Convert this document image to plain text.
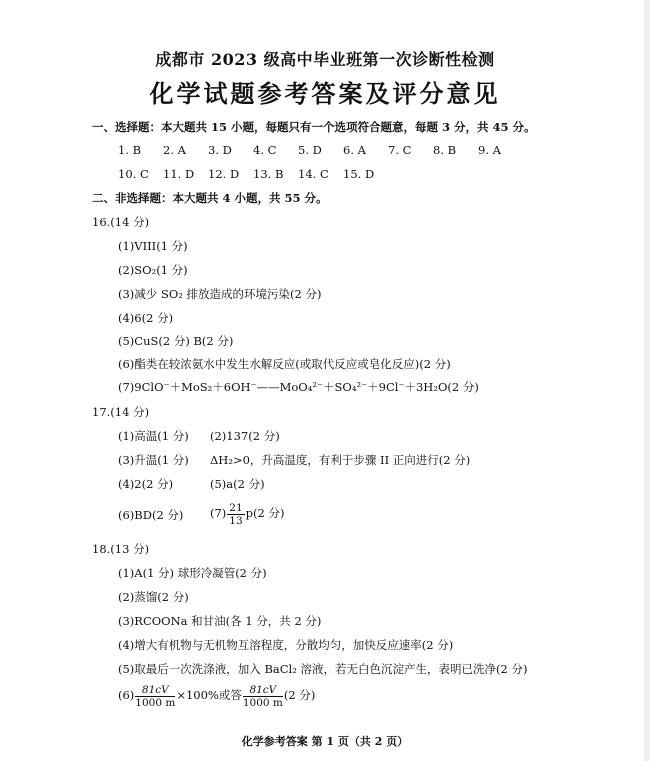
成都市 2023 级高中毕业班第一次诊断性检测
化学试题参考答案及评分意见
一、选择题：本大题共 15 小题，每题只有一个选项符合题意，每题 3 分，共 45 分。
1. B 2. A 3. D 4. C 5. D 6. A 7. C 8. B 9. A
10. C 11. D 12. D 13. B 14. C 15. D
二、非选择题：本大题共 4 小题，共 55 分。
16.(14 分)
(1)VIII(1 分)
(2)SO₂(1 分)
(3)减少 SO₂ 排放造成的环境污染(2 分)
(4)6(2 分)
(5)CuS(2 分) B(2 分)
(6)酯类在较浓氨水中发生水解反应(或取代反应或皂化反应)(2 分)
(7)9ClO⁻＋MoS₂＋6OH⁻——MoO₄²⁻＋SO₄²⁻＋9Cl⁻＋3H₂O(2 分)
17.(14 分)
(1)高温(1 分) (2)137(2 分)
(3)升温(1 分) ΔH₂>0，升高温度，有利于步骤 II 正向进行(2 分)
(4)2(2 分)	(5)a(2 分)
(6)BD(2 分) $(7) \frac{21}{13} p(2$ 分)
18.(13 分)
(1)A(1 分) 球形冷凝管(2 分)
(2)蒸馏(2 分)
(3)RCOONa 和甘油(各 1 分，共 2 分)
(4)增大有机物与无机物互溶程度，分散均匀，加快反应速率(2 分)
(5)取最后一次洗涤液，加入 BaCl₂ 溶液，若无白色沉淀产生，表明已洗净(2 分)
$(6) \frac{81cV}{1000 m} \times 100\%$或答 $\frac{81cV}{1000 m} (2$ 分)
化学参考答案 第 1 页（共 2 页）
